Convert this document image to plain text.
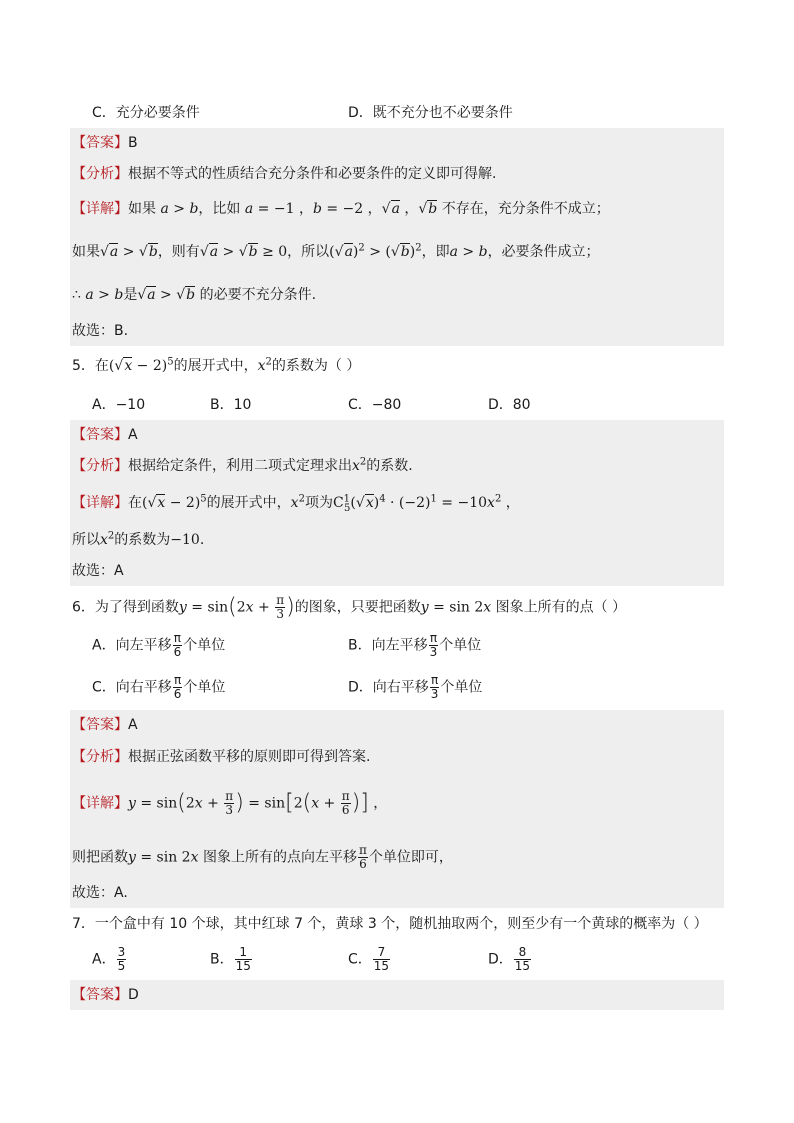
C．充分必要条件	D．既不充分也不必要条件
【答案】B
【分析】根据不等式的性质结合充分条件和必要条件的定义即可得解.
【详解】如果 a > b，比如 a = −1 ，b = −2 ，√a ，√b 不存在，充分条件不成立；
如果√a > √b，则有√a > √b ≥ 0，所以$(√a)^2 > (√b)^2$，即a > b，必要条件成立；
∴ a > b是√a > √b 的必要不充分条件.
故选：B.
5．在$(√x - 2)^5$的展开式中，$x^2$的系数为（ ）
A．−10	B．10	C．−80	D．80
【答案】A
【分析】根据给定条件，利用二项式定理求出$x^2$的系数.
【详解】在$(√x - 2)^5$的展开式中，$x^2$项为$C^1_5(√x)^4 \cdot (-2)^1 = -10x^2$ ，
所以$x^2$的系数为−10.
故选：A
6．为了得到函数$y = \sin(2x + \frac{\pi}{3}$ )的图象，只要把函数y = sin 2x 图象上所有的点（ ）
A．向左平移 $\frac{\pi}{6}$ 个单位	B．向左平移 $\frac{\pi}{3}$ 个单位
C．向右平移 $\frac{\pi}{6}$ 个单位	D．向右平移 $\frac{\pi}{3}$ 个单位
【答案】A
【分析】根据正弦函数平移的原则即可得到答案.
【详解】$y = \sin(2x + \frac{\pi}{3}$ ) = $\sin[2(x + \frac{\pi}{6}$ )] ，
则把函数y = sin 2x 图象上所有的点向左平移 $\frac{\pi}{6}$ 个单位即可，
故选：A.
7．一个盒中有 10 个球，其中红球 7 个，黄球 3 个，随机抽取两个，则至少有一个黄球的概率为（ ）
A． $\frac{3}{5}$	B． $\frac{1}{15}$	C． $\frac{7}{15}$	D． $\frac{8}{15}$
【答案】D
